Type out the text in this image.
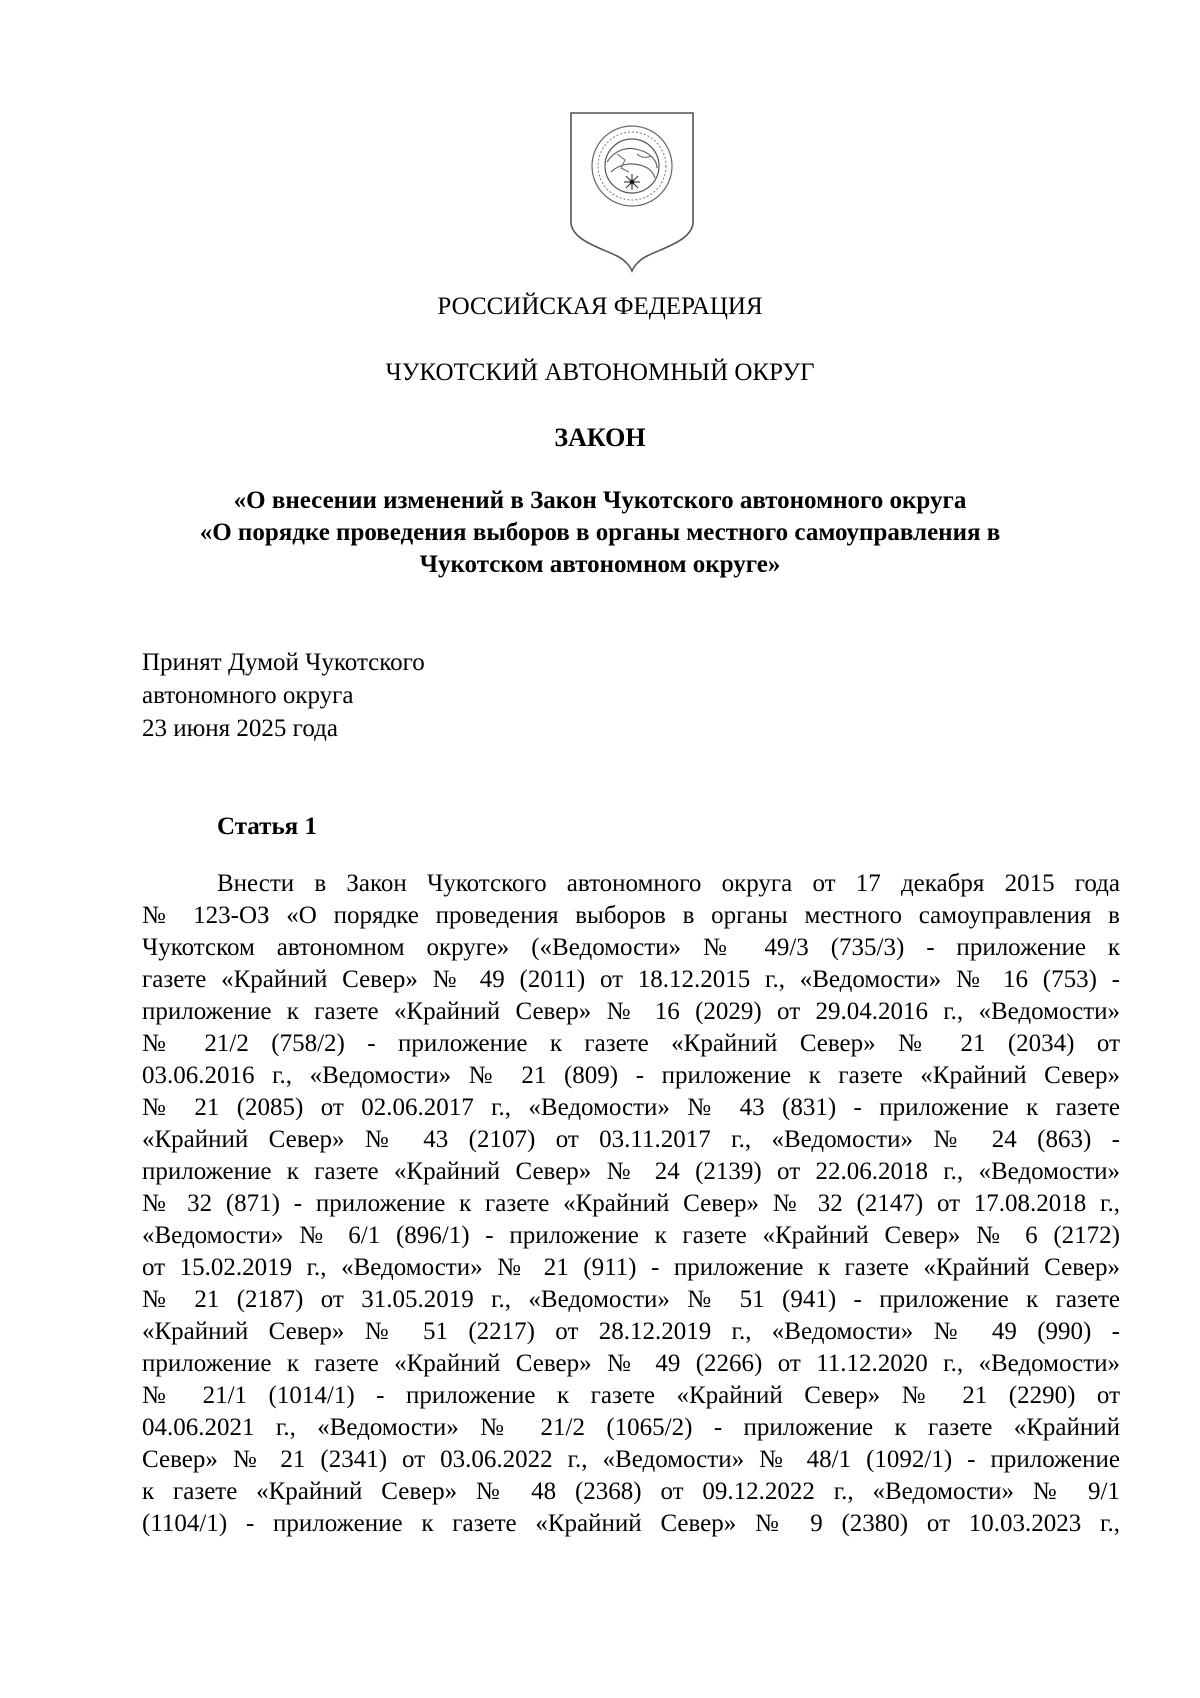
РОССИЙСКАЯ ФЕДЕРАЦИЯ
ЧУКОТСКИЙ АВТОНОМНЫЙ ОКРУГ
ЗАКОН
«О внесении изменений в Закон Чукотского автономного округа
«О порядке проведения выборов в органы местного самоуправления в
Чукотском автономном округе»
Принят Думой Чукотского
автономного округа
23 июня 2025 года
Статья 1
Внести в Закон Чукотского автономного округа от 17 декабря 2015 года
№ 123-ОЗ «О порядке проведения выборов в органы местного самоуправления в
Чукотском автономном округе» («Ведомости» № 49/3 (735/3) - приложение к
газете «Крайний Север» № 49 (2011) от 18.12.2015 г., «Ведомости» № 16 (753) -
приложение к газете «Крайний Север» № 16 (2029) от 29.04.2016 г., «Ведомости»
№ 21/2 (758/2) - приложение к газете «Крайний Север» № 21 (2034) от
03.06.2016 г., «Ведомости» № 21 (809) - приложение к газете «Крайний Север»
№ 21 (2085) от 02.06.2017 г., «Ведомости» № 43 (831) - приложение к газете
«Крайний Север» № 43 (2107) от 03.11.2017 г., «Ведомости» № 24 (863) -
приложение к газете «Крайний Север» № 24 (2139) от 22.06.2018 г., «Ведомости»
№ 32 (871) - приложение к газете «Крайний Север» № 32 (2147) от 17.08.2018 г.,
«Ведомости» № 6/1 (896/1) - приложение к газете «Крайний Север» № 6 (2172)
от 15.02.2019 г., «Ведомости» № 21 (911) - приложение к газете «Крайний Север»
№ 21 (2187) от 31.05.2019 г., «Ведомости» № 51 (941) - приложение к газете
«Крайний Север» № 51 (2217) от 28.12.2019 г., «Ведомости» № 49 (990) -
приложение к газете «Крайний Север» № 49 (2266) от 11.12.2020 г., «Ведомости»
№ 21/1 (1014/1) - приложение к газете «Крайний Север» № 21 (2290) от
04.06.2021 г., «Ведомости» № 21/2 (1065/2) - приложение к газете «Крайний
Север» № 21 (2341) от 03.06.2022 г., «Ведомости» № 48/1 (1092/1) - приложение
к газете «Крайний Север» № 48 (2368) от 09.12.2022 г., «Ведомости» № 9/1
(1104/1) - приложение к газете «Крайний Север» № 9 (2380) от 10.03.2023 г.,
